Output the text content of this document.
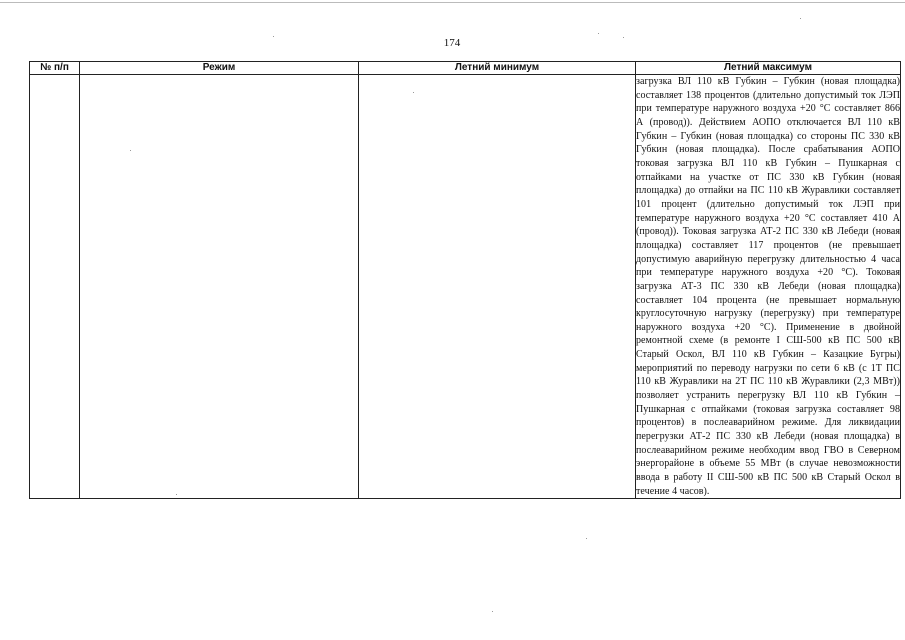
174
№ п/п	Режим	Летний минимум	Летний максимум
			загрузка ВЛ 110 кВ Губкин – Губкин (новая площадка) составляет 138 процентов (длительно допустимый ток ЛЭП при температуре наружного воздуха +20 °С составляет 866 А (провод)). Действием АОПО отключается ВЛ 110 кВ Губкин – Губкин (новая площадка) со стороны ПС 330 кВ Губкин (новая площадка). После срабатывания АОПО токовая загрузка ВЛ 110 кВ Губкин – Пушкарная с отпайками на участке от ПС 330 кВ Губкин (новая площадка) до отпайки на ПС 110 кВ Журавлики составляет 101 процент (длительно допустимый ток ЛЭП при температуре наружного воздуха +20 °С составляет 410 А (провод)). Токовая загрузка АТ-2 ПС 330 кВ Лебеди (новая площадка) составляет 117 процентов (не превышает допустимую аварийную перегрузку длительностью 4 часа при температуре наружного воздуха +20 °С). Токовая загрузка АТ-3 ПС 330 кВ Лебеди (новая площадка) составляет 104 процента (не превышает нормальную круглосуточную нагрузку (перегрузку) при температуре наружного воздуха +20 °С). Применение в двойной ремонтной схеме (в ремонте I СШ-500 кВ ПС 500 кВ Старый Оскол, ВЛ 110 кВ Губкин – Казацкие Бугры) мероприятий по переводу нагрузки по сети 6 кВ (с 1Т ПС 110 кВ Журавлики на 2Т ПС 110 кВ Журавлики (2,3 МВт)) позволяет устранить перегрузку ВЛ 110 кВ Губкин – Пушкарная с отпайками (токовая загрузка составляет 98 процентов) в послеаварийном режиме. Для ликвидации перегрузки АТ-2 ПС 330 кВ Лебеди (новая площадка) в послеаварийном режиме необходим ввод ГВО в Северном энергорайоне в объеме 55 МВт (в случае невозможности ввода в работу II СШ-500 кВ ПС 500 кВ Старый Оскол в течение 4 часов).
